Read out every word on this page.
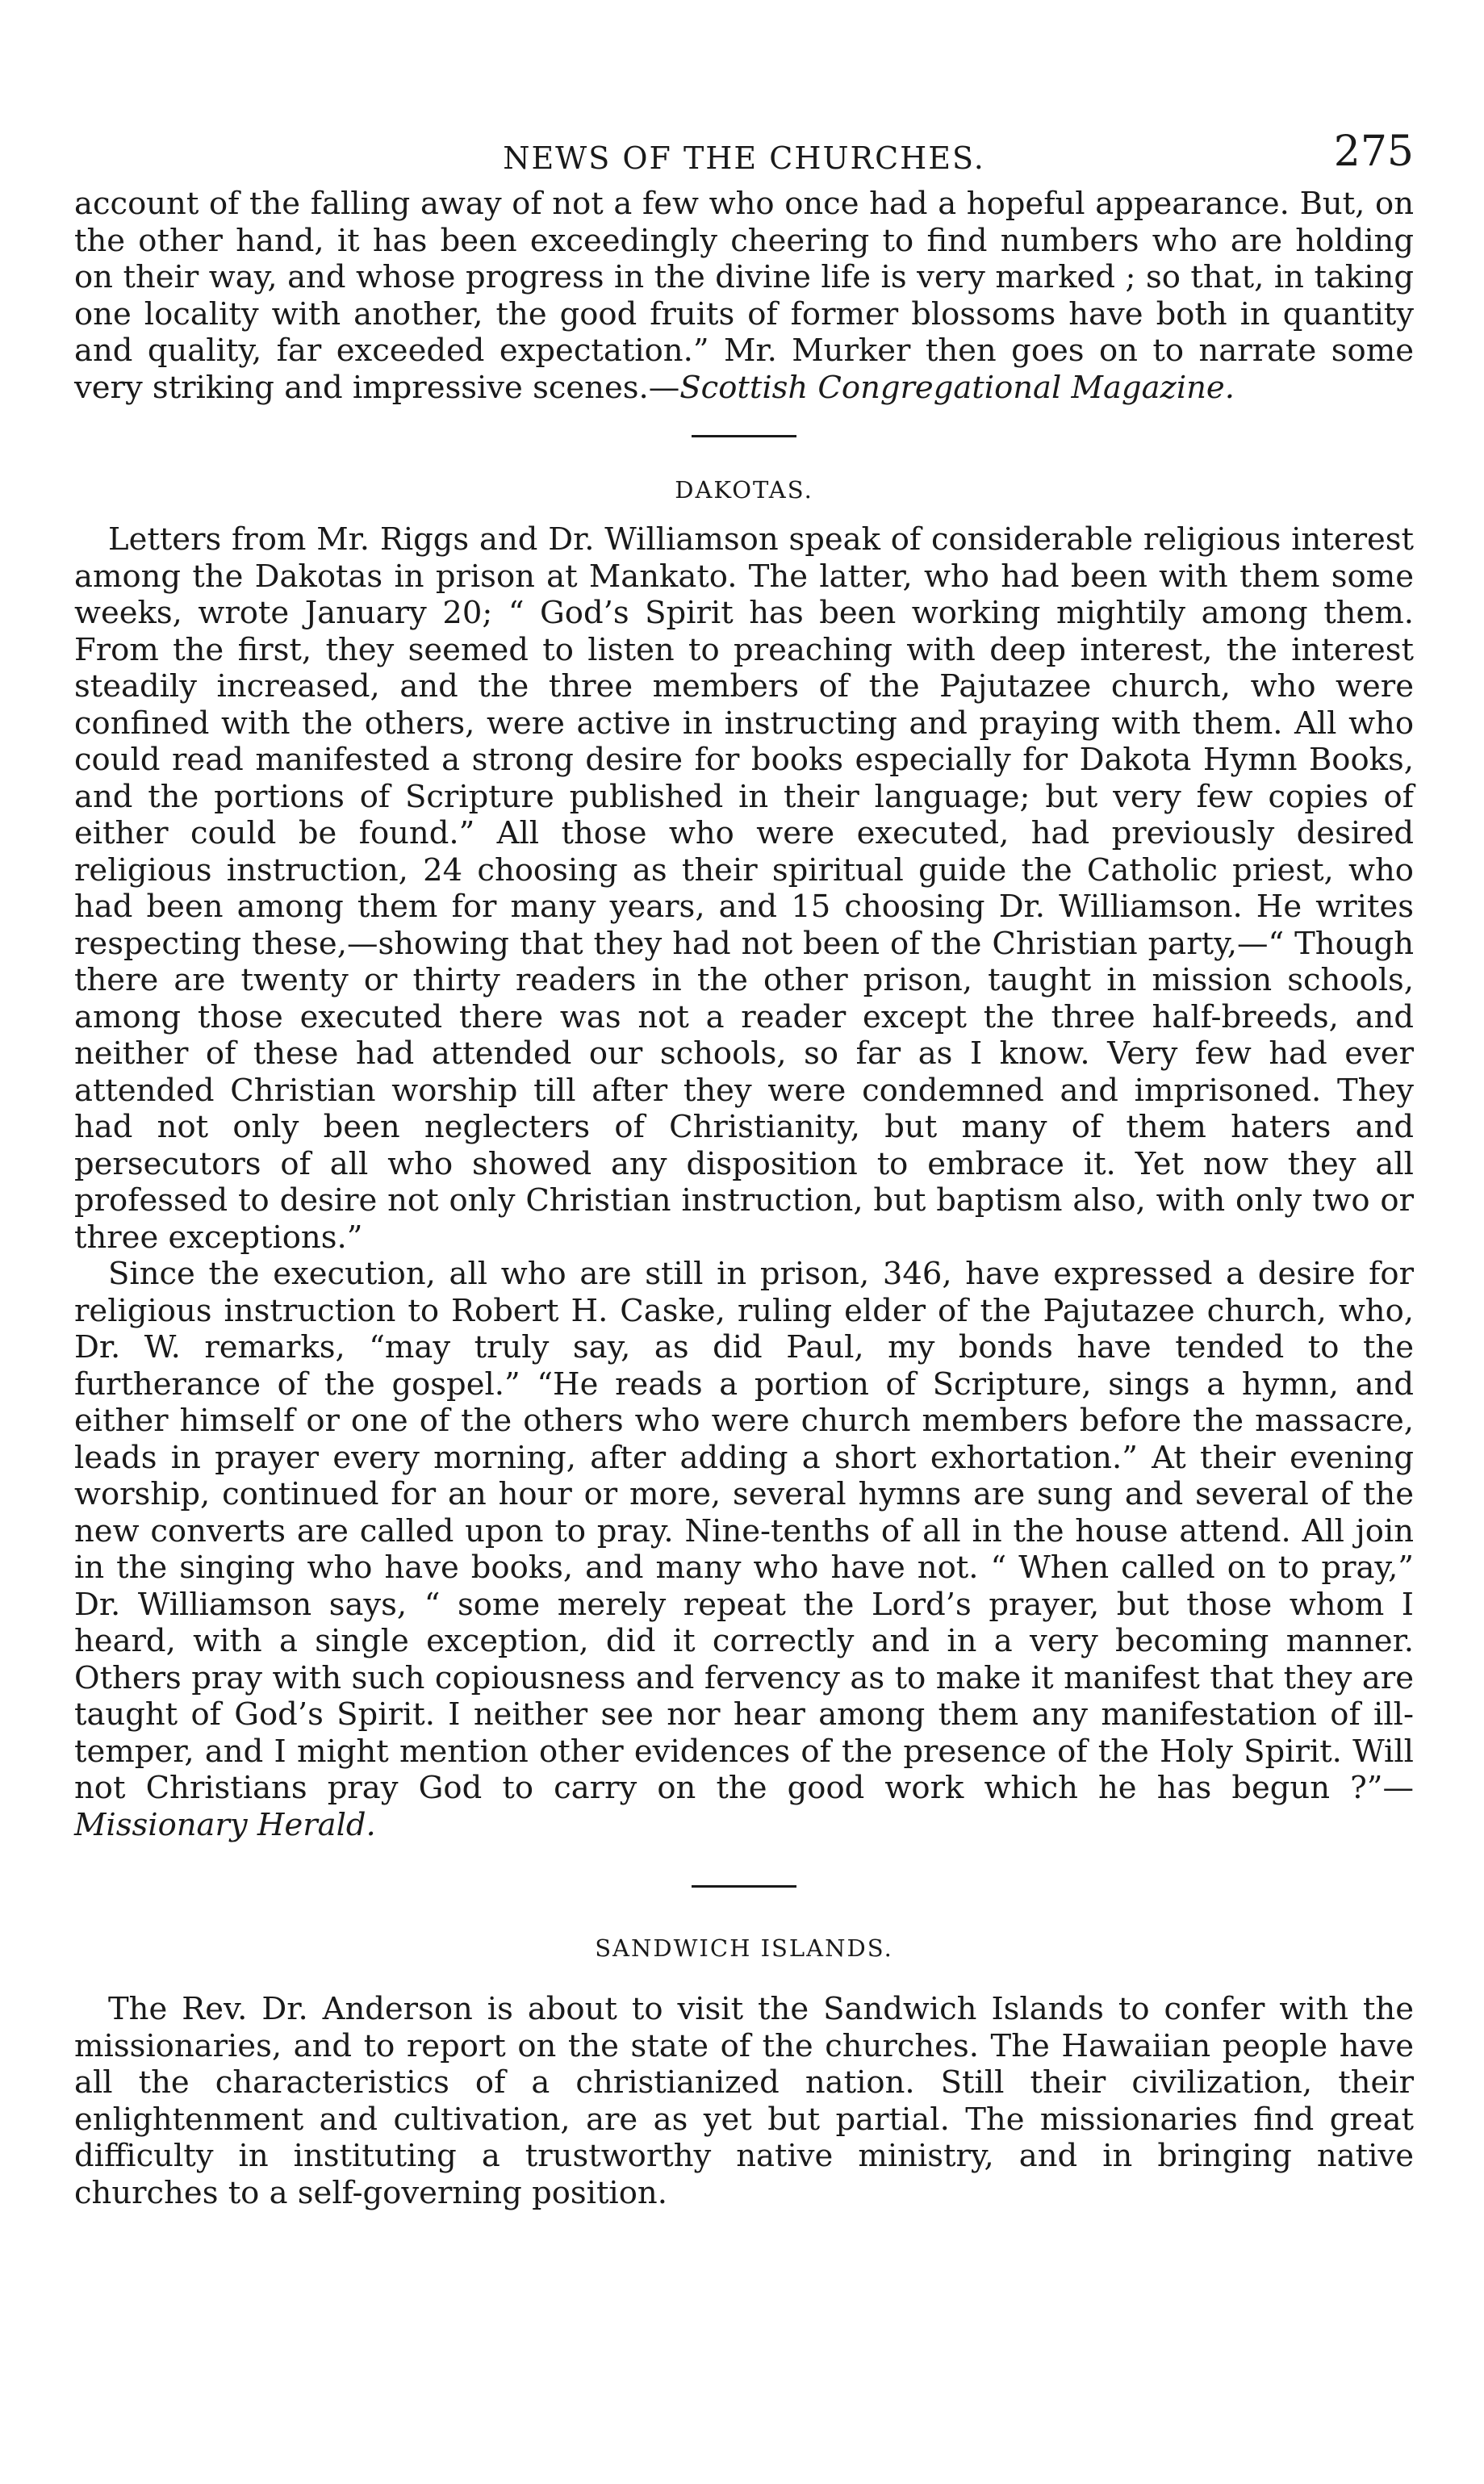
NEWS OF THE CHURCHES.	275

account of the falling away of not a few who once had a hopeful appearance. But, on the other hand, it has been exceedingly cheering to find numbers who are holding on their way, and whose progress in the divine life is very marked ; so that, in taking one locality with another, the good fruits of former blossoms have both in quantity and quality, far exceeded expectation.” Mr. Murker then goes on to narrate some very striking and impressive scenes.—Scottish Congregational Magazine.

DAKOTAS.

Letters from Mr. Riggs and Dr. Williamson speak of considerable religious interest among the Dakotas in prison at Mankato. The latter, who had been with them some weeks, wrote January 20; “ God’s Spirit has been working mightily among them. From the first, they seemed to listen to preaching with deep interest, the interest steadily increased, and the three members of the Pajutazee church, who were confined with the others, were active in instructing and praying with them. All who could read manifested a strong desire for books especially for Dakota Hymn Books, and the portions of Scripture published in their language; but very few copies of either could be found.” All those who were executed, had previously desired religious instruction, 24 choosing as their spiritual guide the Catholic priest, who had been among them for many years, and 15 choosing Dr. Williamson. He writes respecting these,—showing that they had not been of the Christian party,—“ Though there are twenty or thirty readers in the other prison, taught in mission schools, among those executed there was not a reader except the three half-breeds, and neither of these had attended our schools, so far as I know. Very few had ever attended Christian worship till after they were condemned and imprisoned. They had not only been neglecters of Christianity, but many of them haters and persecutors of all who showed any disposition to embrace it. Yet now they all professed to desire not only Christian instruction, but baptism also, with only two or three exceptions.”

Since the execution, all who are still in prison, 346, have expressed a desire for religious instruction to Robert H. Caske, ruling elder of the Pajutazee church, who, Dr. W. remarks, “may truly say, as did Paul, my bonds have tended to the furtherance of the gospel.” “He reads a portion of Scripture, sings a hymn, and either himself or one of the others who were church members before the massacre, leads in prayer every morning, after adding a short exhortation.” At their evening worship, continued for an hour or more, several hymns are sung and several of the new converts are called upon to pray. Nine-tenths of all in the house attend. All join in the singing who have books, and many who have not. “ When called on to pray,” Dr. Williamson says, “ some merely repeat the Lord’s prayer, but those whom I heard, with a single exception, did it correctly and in a very becoming manner. Others pray with such copiousness and fervency as to make it manifest that they are taught of God’s Spirit. I neither see nor hear among them any manifestation of ill-temper, and I might mention other evidences of the presence of the Holy Spirit. Will not Christians pray God to carry on the good work which he has begun ?”—Missionary Herald.

SANDWICH ISLANDS.

The Rev. Dr. Anderson is about to visit the Sandwich Islands to confer with the missionaries, and to report on the state of the churches. The Hawaiian people have all the characteristics of a christianized nation. Still their civilization, their enlightenment and cultivation, are as yet but partial. The missionaries find great difficulty in instituting a trustworthy native ministry, and in bringing native churches to a self-governing position.
